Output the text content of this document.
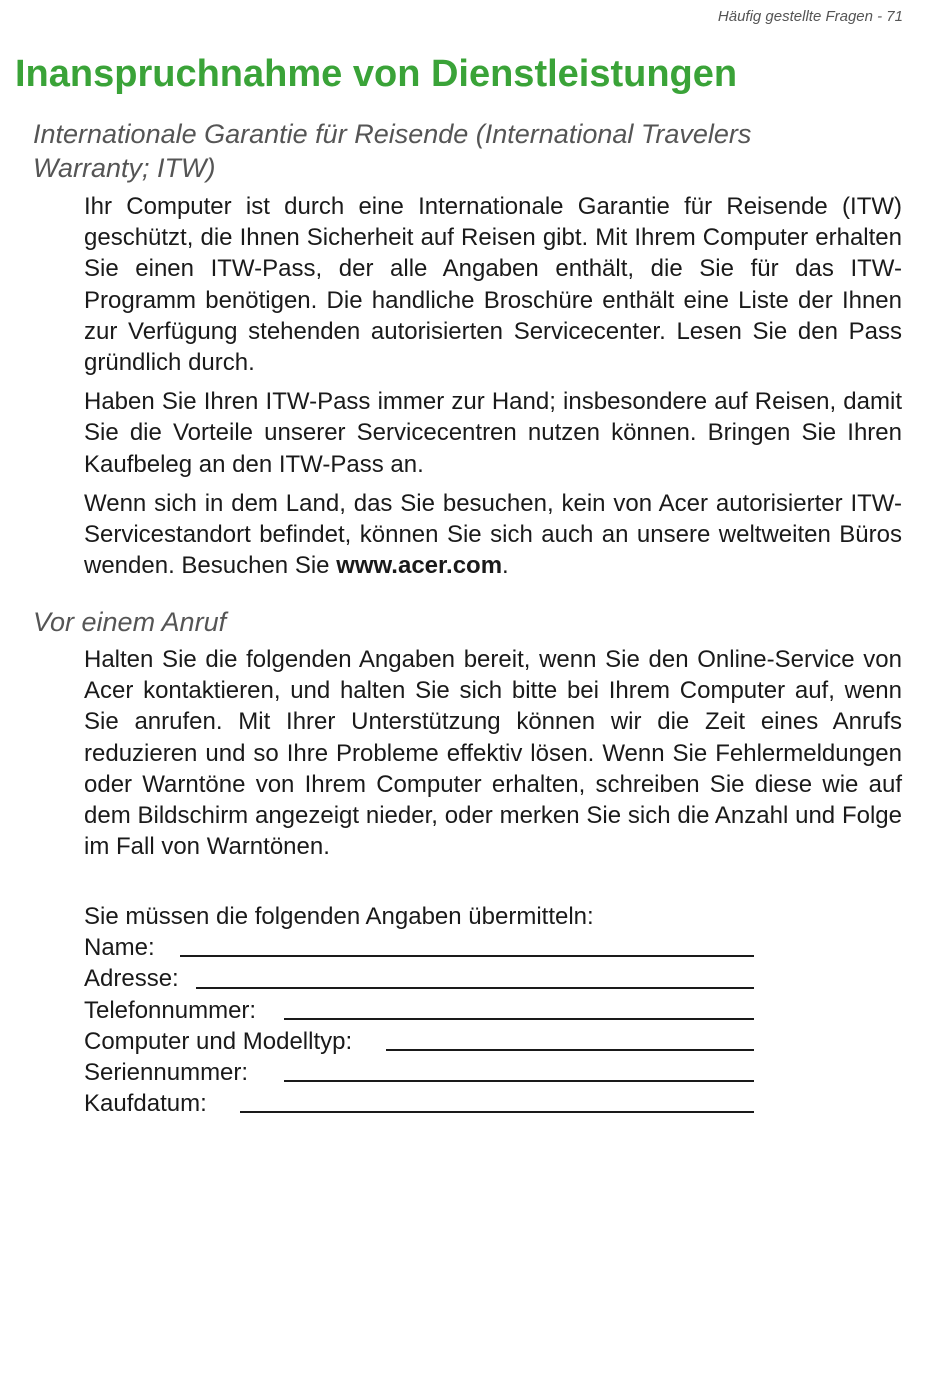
Häufig gestellte Fragen - 71
Inanspruchnahme von Dienstleistungen
Internationale Garantie für Reisende (International Travelers Warranty; ITW)

Ihr Computer ist durch eine Internationale Garantie für Reisende (ITW) geschützt, die Ihnen Sicherheit auf Reisen gibt. Mit Ihrem Computer erhalten Sie einen ITW-Pass, der alle Angaben enthält, die Sie für das ITW-Programm benötigen. Die handliche Broschüre enthält eine Liste der Ihnen zur Verfügung stehenden autorisierten Servicecenter. Lesen Sie den Pass gründlich durch.

Haben Sie Ihren ITW-Pass immer zur Hand; insbesondere auf Reisen, damit Sie die Vorteile unserer Servicecentren nutzen können. Bringen Sie Ihren Kaufbeleg an den ITW-Pass an.

Wenn sich in dem Land, das Sie besuchen, kein von Acer autorisierter ITW-Servicestandort befindet, können Sie sich auch an unsere weltweiten Büros wenden. Besuchen Sie www.acer.com.

Vor einem Anruf

Halten Sie die folgenden Angaben bereit, wenn Sie den Online-Service von Acer kontaktieren, und halten Sie sich bitte bei Ihrem Computer auf, wenn Sie anrufen. Mit Ihrer Unterstützung können wir die Zeit eines Anrufs reduzieren und so Ihre Probleme effektiv lösen. Wenn Sie Fehlermeldungen oder Warntöne von Ihrem Computer erhalten, schreiben Sie diese wie auf dem Bildschirm angezeigt nieder, oder merken Sie sich die Anzahl und Folge im Fall von Warntönen.

Sie müssen die folgenden Angaben übermitteln:

Name:
Adresse:
Telefonnummer:
Computer und Modelltyp:
Seriennummer:
Kaufdatum:
